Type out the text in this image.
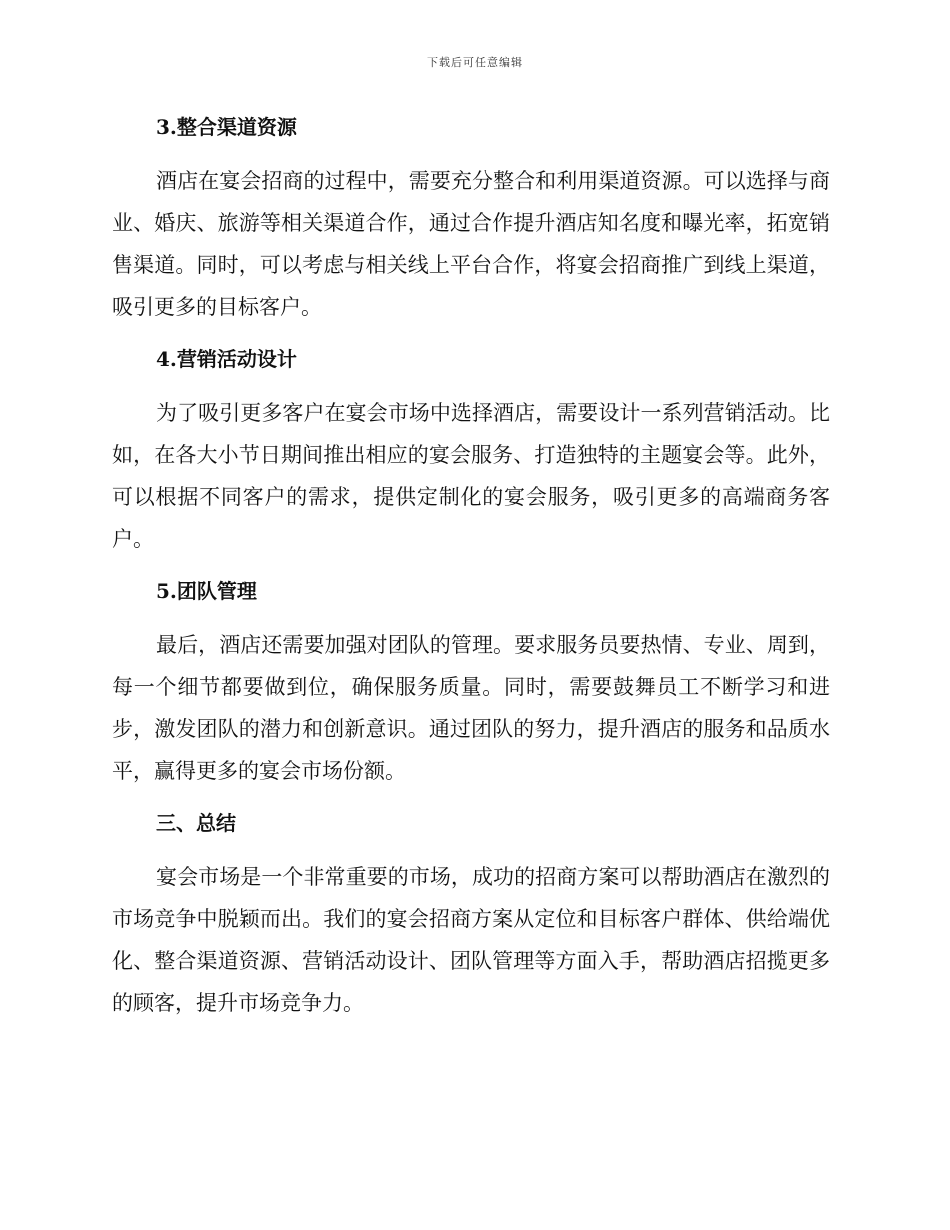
下载后可任意编辑
3.整合渠道资源

酒店在宴会招商的过程中，需要充分整合和利用渠道资源。可以选择与商业、婚庆、旅游等相关渠道合作，通过合作提升酒店知名度和曝光率，拓宽销售渠道。同时，可以考虑与相关线上平台合作，将宴会招商推广到线上渠道，吸引更多的目标客户。

4.营销活动设计

为了吸引更多客户在宴会市场中选择酒店，需要设计一系列营销活动。比如，在各大小节日期间推出相应的宴会服务、打造独特的主题宴会等。此外，可以根据不同客户的需求，提供定制化的宴会服务，吸引更多的高端商务客户。

5.团队管理

最后，酒店还需要加强对团队的管理。要求服务员要热情、专业、周到，每一个细节都要做到位，确保服务质量。同时，需要鼓舞员工不断学习和进步，激发团队的潜力和创新意识。通过团队的努力，提升酒店的服务和品质水平，赢得更多的宴会市场份额。

三、总结

宴会市场是一个非常重要的市场，成功的招商方案可以帮助酒店在激烈的市场竞争中脱颖而出。我们的宴会招商方案从定位和目标客户群体、供给端优化、整合渠道资源、营销活动设计、团队管理等方面入手，帮助酒店招揽更多的顾客，提升市场竞争力。
